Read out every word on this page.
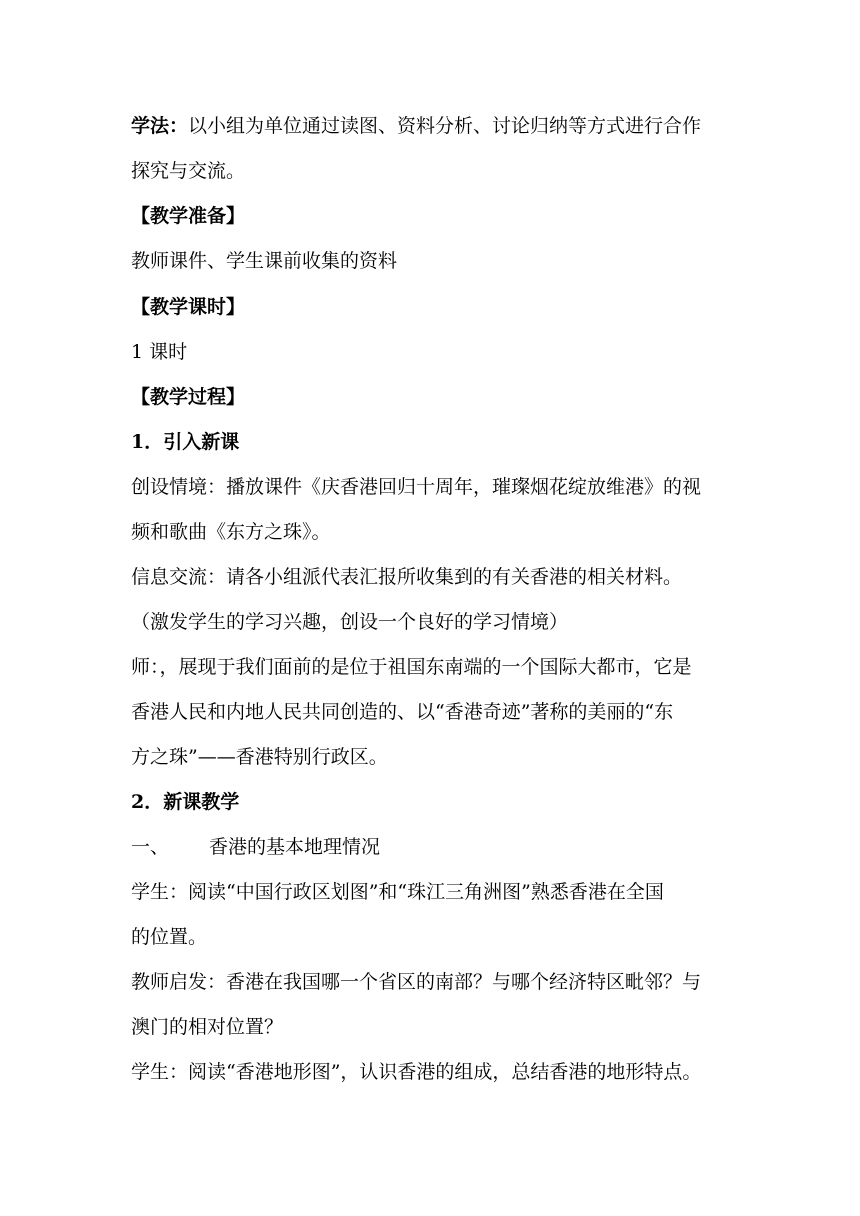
学法：以小组为单位通过读图、资料分析、讨论归纳等方式进行合作
探究与交流。
【教学准备】
教师课件、学生课前收集的资料
【教学课时】
1 课时
【教学过程】
1．引入新课
创设情境：播放课件《庆香港回归十周年，璀璨烟花绽放维港》的视
频和歌曲《东方之珠》。
信息交流：请各小组派代表汇报所收集到的有关香港的相关材料。
（激发学生的学习兴趣，创设一个良好的学习情境）
师：，展现于我们面前的是位于祖国东南端的一个国际大都市，它是
香港人民和内地人民共同创造的、以“香港奇迹”著称的美丽的“东
方之珠”——香港特别行政区。
2．新课教学
一、 香港的基本地理情况
学生：阅读“中国行政区划图”和“珠江三角洲图”熟悉香港在全国
的位置。
教师启发：香港在我国哪一个省区的南部？与哪个经济特区毗邻？与
澳门的相对位置？
学生：阅读“香港地形图”，认识香港的组成，总结香港的地形特点。
